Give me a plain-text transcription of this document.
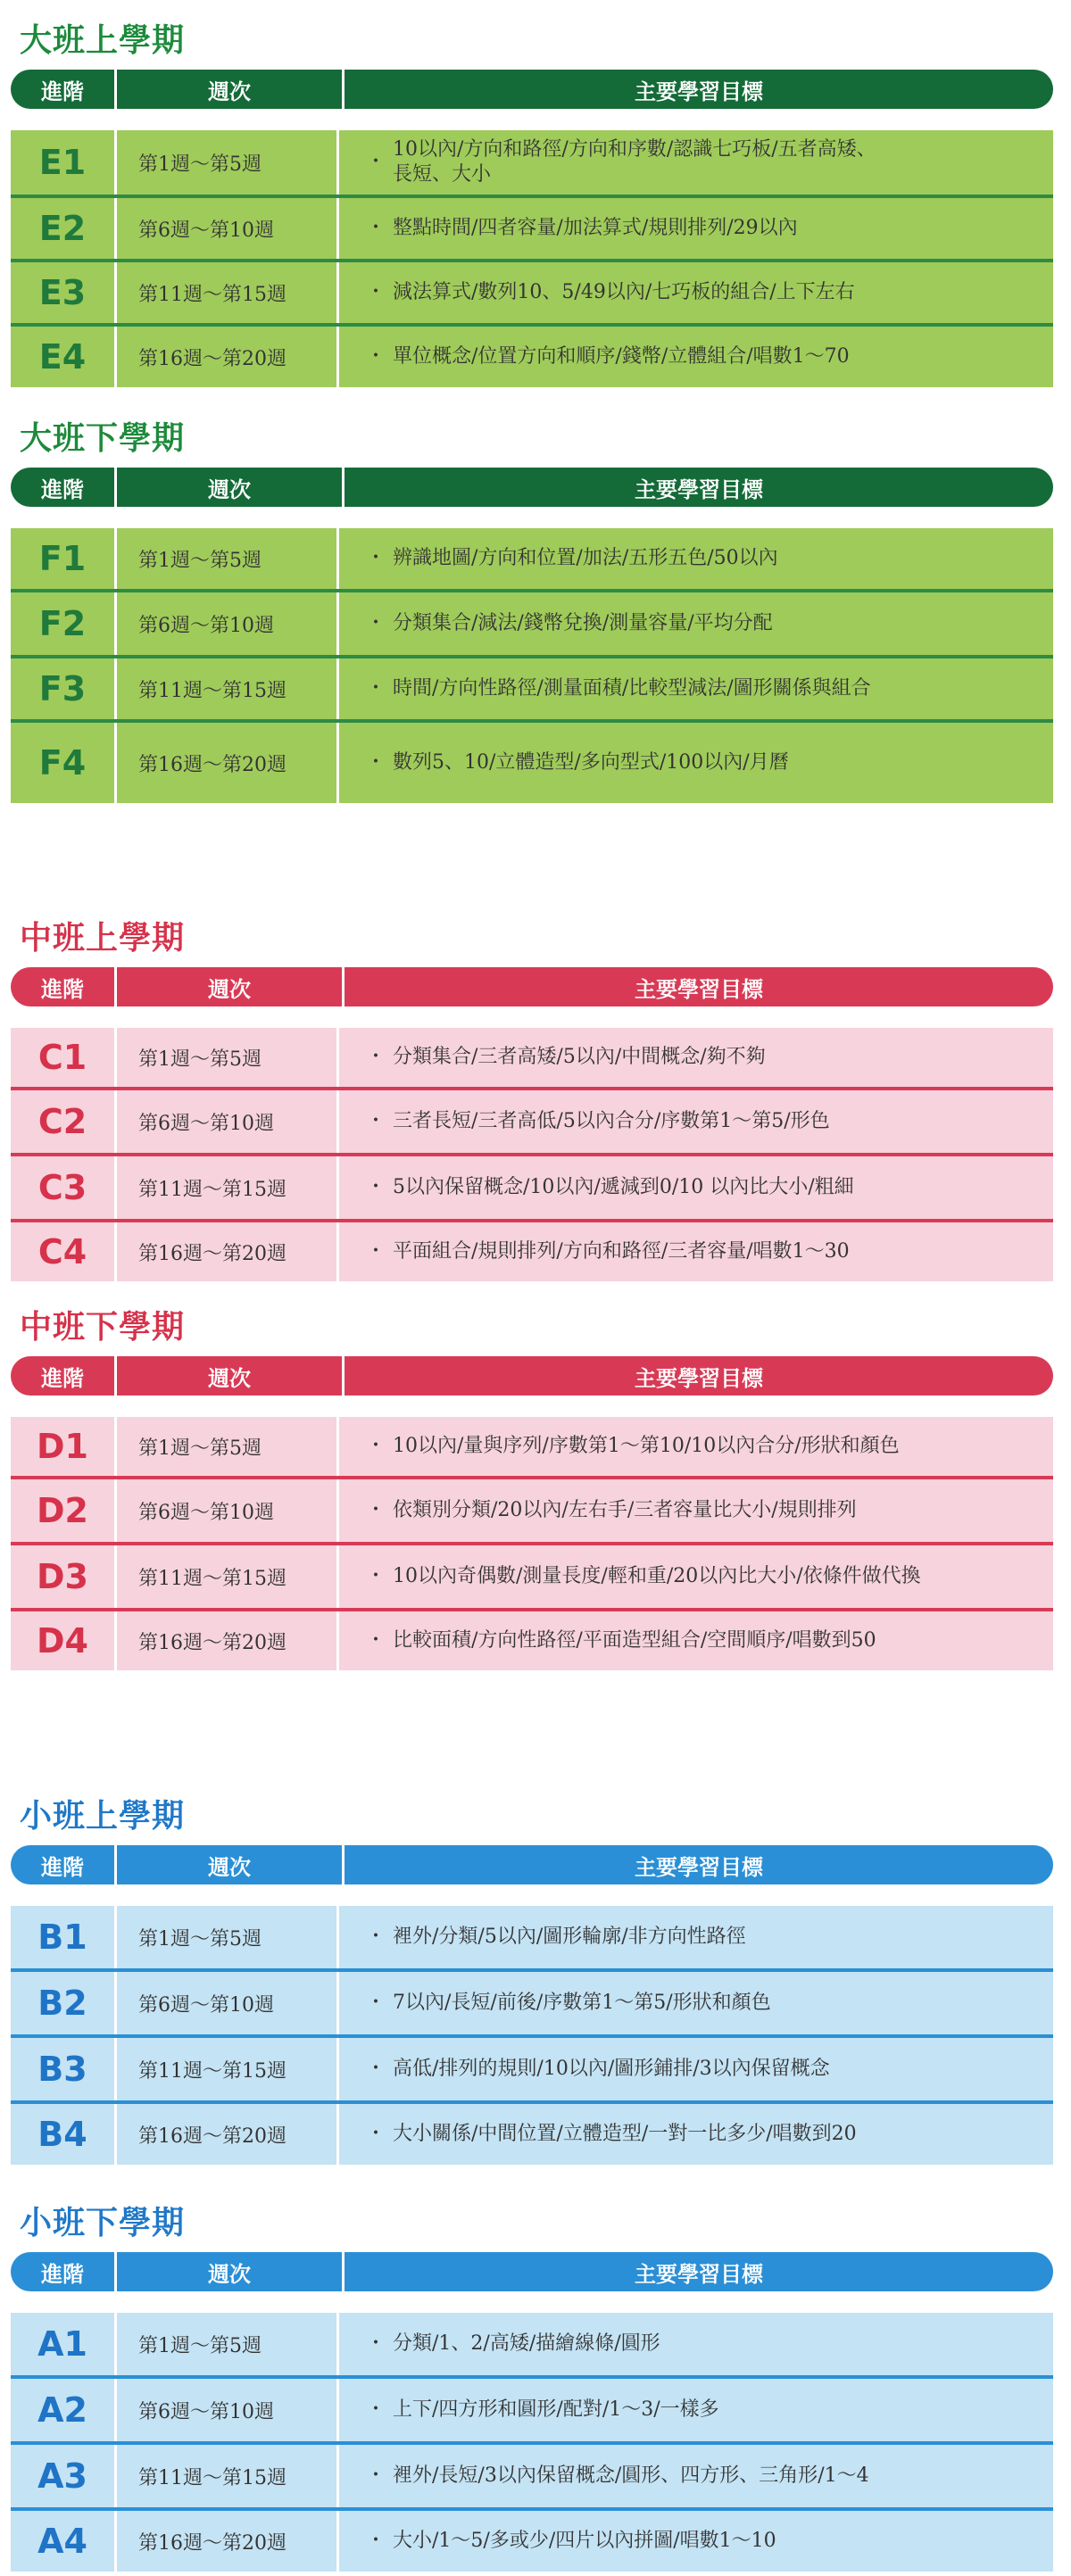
大班上學期
進階	週次	主要學習目標
E1	第1週～第5週	・
10以內/方向和路徑/方向和序數/認識七巧板/五者高矮、
長短、大小
E2	第6週～第10週	・ 整點時間/四者容量/加法算式/規則排列/29以內
E3	第11週～第15週	・ 減法算式/數列10、5/49以內/七巧板的組合/上下左右
E4	第16週～第20週	・ 單位概念/位置方向和順序/錢幣/立體組合/唱數1～70
大班下學期
進階	週次	主要學習目標
F1	第1週～第5週	・ 辨識地圖/方向和位置/加法/五形五色/50以內
F2	第6週～第10週	・ 分類集合/減法/錢幣兌換/測量容量/平均分配
F3	第11週～第15週	・ 時間/方向性路徑/測量面積/比較型減法/圖形關係與組合
F4	第16週～第20週	・ 數列5、10/立體造型/多向型式/100以內/月曆
中班上學期
進階	週次	主要學習目標
C1	第1週～第5週	・ 分類集合/三者高矮/5以內/中間概念/夠不夠
C2	第6週～第10週	・ 三者長短/三者高低/5以內合分/序數第1～第5/形色
C3	第11週～第15週	・ 5以內保留概念/10以內/遞減到0/10 以內比大小/粗細
C4	第16週～第20週	・ 平面組合/規則排列/方向和路徑/三者容量/唱數1～30
中班下學期
進階	週次	主要學習目標
D1	第1週～第5週	・ 10以內/量與序列/序數第1～第10/10以內合分/形狀和顏色
D2	第6週～第10週	・ 依類別分類/20以內/左右手/三者容量比大小/規則排列
D3	第11週～第15週	・ 10以內奇偶數/測量長度/輕和重/20以內比大小/依條件做代換
D4	第16週～第20週	・ 比較面積/方向性路徑/平面造型組合/空間順序/唱數到50
小班上學期
進階	週次	主要學習目標
B1	第1週～第5週	・ 裡外/分類/5以內/圖形輪廓/非方向性路徑
B2	第6週～第10週	・ 7以內/長短/前後/序數第1～第5/形狀和顏色
B3	第11週～第15週	・ 高低/排列的規則/10以內/圖形鋪排/3以內保留概念
B4	第16週～第20週	・ 大小關係/中間位置/立體造型/一對一比多少/唱數到20
小班下學期
進階	週次	主要學習目標
A1	第1週～第5週	・ 分類/1、2/高矮/描繪線條/圓形
A2	第6週～第10週	・ 上下/四方形和圓形/配對/1～3/一樣多
A3	第11週～第15週	・ 裡外/長短/3以內保留概念/圓形、四方形、三角形/1～4
A4	第16週～第20週	・ 大小/1～5/多或少/四片以內拼圖/唱數1～10
